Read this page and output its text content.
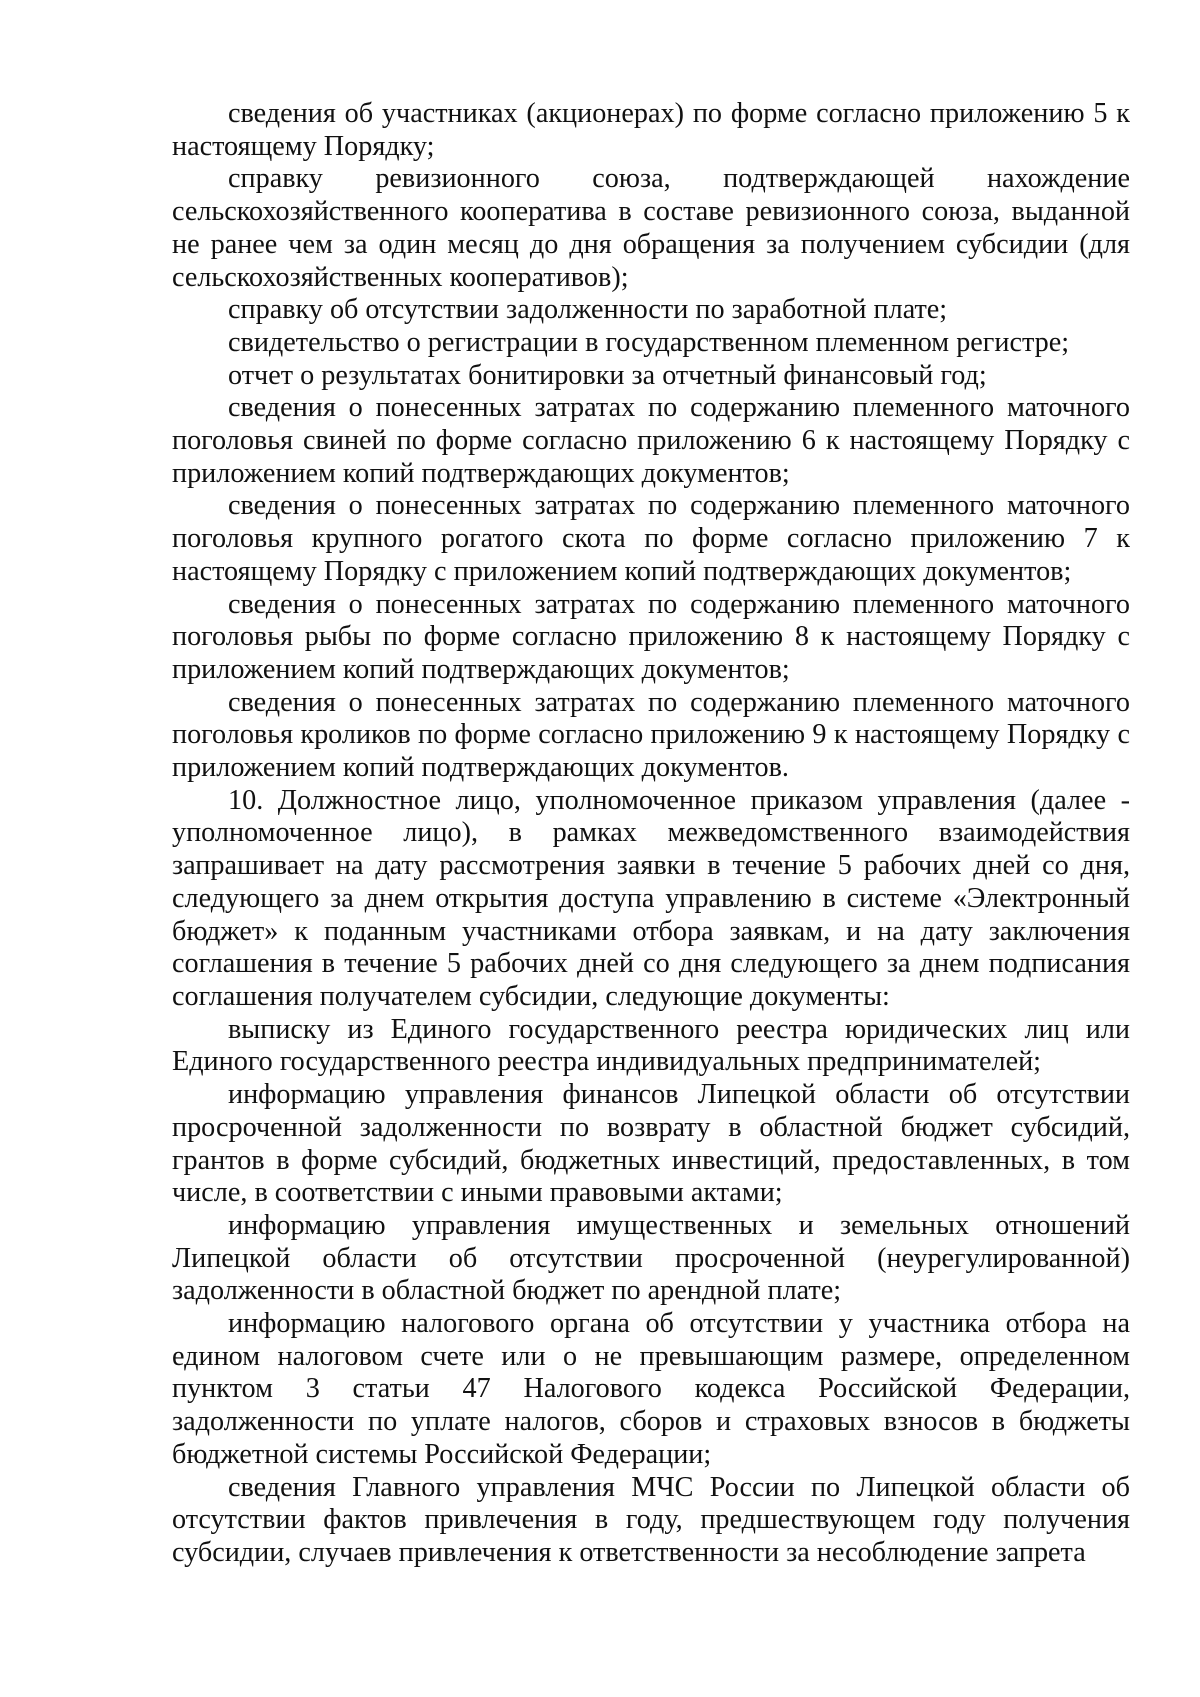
сведения об участниках (акционерах) по форме согласно приложению 5 к настоящему Порядку;

справку ревизионного союза, подтверждающей нахождение сельскохозяйственного кооператива в составе ревизионного союза, выданной не ранее чем за один месяц до дня обращения за получением субсидии (для сельскохозяйственных кооперативов);

справку об отсутствии задолженности по заработной плате;

свидетельство о регистрации в государственном племенном регистре;

отчет о результатах бонитировки за отчетный финансовый год;

сведения о понесенных затратах по содержанию племенного маточного поголовья свиней по форме согласно приложению 6 к настоящему Порядку с приложением копий подтверждающих документов;

сведения о понесенных затратах по содержанию племенного маточного поголовья крупного рогатого скота по форме согласно приложению 7 к настоящему Порядку с приложением копий подтверждающих документов;

сведения о понесенных затратах по содержанию племенного маточного поголовья рыбы по форме согласно приложению 8 к настоящему Порядку с приложением копий подтверждающих документов;

сведения о понесенных затратах по содержанию племенного маточного поголовья кроликов по форме согласно приложению 9 к настоящему Порядку с приложением копий подтверждающих документов.

10. Должностное лицо, уполномоченное приказом управления (далее - уполномоченное лицо), в рамках межведомственного взаимодействия запрашивает на дату рассмотрения заявки в течение 5 рабочих дней со дня, следующего за днем открытия доступа управлению в системе «Электронный бюджет» к поданным участниками отбора заявкам, и на дату заключения соглашения в течение 5 рабочих дней со дня следующего за днем подписания соглашения получателем субсидии, следующие документы:

выписку из Единого государственного реестра юридических лиц или Единого государственного реестра индивидуальных предпринимателей;

информацию управления финансов Липецкой области об отсутствии просроченной задолженности по возврату в областной бюджет субсидий, грантов в форме субсидий, бюджетных инвестиций, предоставленных, в том числе, в соответствии с иными правовыми актами;

информацию управления имущественных и земельных отношений Липецкой области об отсутствии просроченной (неурегулированной) задолженности в областной бюджет по арендной плате;

информацию налогового органа об отсутствии у участника отбора на едином налоговом счете или о не превышающим размере, определенном пунктом 3 статьи 47 Налогового кодекса Российской Федерации, задолженности по уплате налогов, сборов и страховых взносов в бюджеты бюджетной системы Российской Федерации;

сведения Главного управления МЧС России по Липецкой области об отсутствии фактов привлечения в году, предшествующем году получения субсидии, случаев привлечения к ответственности за несоблюдение запрета
